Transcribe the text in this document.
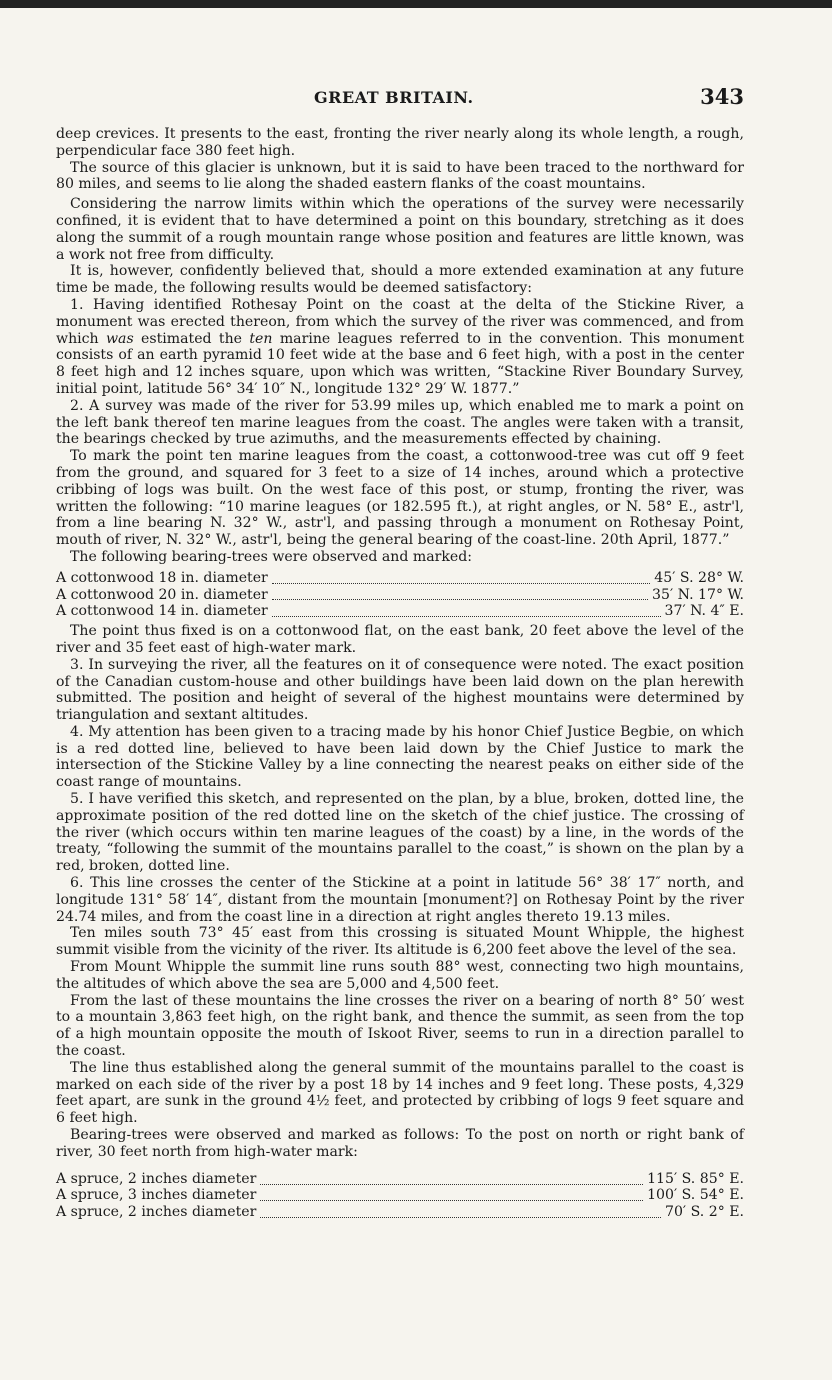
GREAT BRITAIN.	343

deep crevices. It presents to the east, fronting the river nearly along its whole length, a rough, perpendicular face 380 feet high.

The source of this glacier is unknown, but it is said to have been traced to the northward for 80 miles, and seems to lie along the shaded eastern flanks of the coast mountains.

Considering the narrow limits within which the operations of the survey were necessarily confined, it is evident that to have determined a point on this boundary, stretching as it does along the summit of a rough mountain range whose position and features are little known, was a work not free from difficulty.

It is, however, confidently believed that, should a more extended examination at any future time be made, the following results would be deemed satisfactory:

1. Having identified Rothesay Point on the coast at the delta of the Stickine River, a monument was erected thereon, from which the survey of the river was commenced, and from which was estimated the ten marine leagues referred to in the convention. This monument consists of an earth pyramid 10 feet wide at the base and 6 feet high, with a post in the center 8 feet high and 12 inches square, upon which was written, “Stackine River Boundary Survey, initial point, latitude 56° 34′ 10″ N., longitude 132° 29′ W. 1877.”

2. A survey was made of the river for 53.99 miles up, which enabled me to mark a point on the left bank thereof ten marine leagues from the coast. The angles were taken with a transit, the bearings checked by true azimuths, and the measurements effected by chaining.

To mark the point ten marine leagues from the coast, a cottonwood-tree was cut off 9 feet from the ground, and squared for 3 feet to a size of 14 inches, around which a protective cribbing of logs was built. On the west face of this post, or stump, fronting the river, was written the following: “10 marine leagues (or 182.595 ft.), at right angles, or N. 58° E., astr'l, from a line bearing N. 32° W., astr'l, and passing through a monument on Rothesay Point, mouth of river, N. 32° W., astr'l, being the general bearing of the coast-line. 20th April, 1877.”

The following bearing-trees were observed and marked:

A cottonwood 18 in. diameter	45′ S. 28° W.
A cottonwood 20 in. diameter	35′ N. 17° W.
A cottonwood 14 in. diameter	37′ N. 4″ E.

The point thus fixed is on a cottonwood flat, on the east bank, 20 feet above the level of the river and 35 feet east of high-water mark.

3. In surveying the river, all the features on it of consequence were noted. The exact position of the Canadian custom-house and other buildings have been laid down on the plan herewith submitted. The position and height of several of the highest mountains were determined by triangulation and sextant altitudes.

4. My attention has been given to a tracing made by his honor Chief Justice Begbie, on which is a red dotted line, believed to have been laid down by the Chief Justice to mark the intersection of the Stickine Valley by a line connecting the nearest peaks on either side of the coast range of mountains.

5. I have verified this sketch, and represented on the plan, by a blue, broken, dotted line, the approximate position of the red dotted line on the sketch of the chief justice. The crossing of the river (which occurs within ten marine leagues of the coast) by a line, in the words of the treaty, “following the summit of the mountains parallel to the coast,” is shown on the plan by a red, broken, dotted line.

6. This line crosses the center of the Stickine at a point in latitude 56° 38′ 17″ north, and longitude 131° 58′ 14″, distant from the mountain [monument?] on Rothesay Point by the river 24.74 miles, and from the coast line in a direction at right angles thereto 19.13 miles.

Ten miles south 73° 45′ east from this crossing is situated Mount Whipple, the highest summit visible from the vicinity of the river. Its altitude is 6,200 feet above the level of the sea.

From Mount Whipple the summit line runs south 88° west, connecting two high mountains, the altitudes of which above the sea are 5,000 and 4,500 feet.

From the last of these mountains the line crosses the river on a bearing of north 8° 50′ west to a mountain 3,863 feet high, on the right bank, and thence the summit, as seen from the top of a high mountain opposite the mouth of Iskoot River, seems to run in a direction parallel to the coast.

The line thus established along the general summit of the mountains parallel to the coast is marked on each side of the river by a post 18 by 14 inches and 9 feet long. These posts, 4,329 feet apart, are sunk in the ground 4½ feet, and protected by cribbing of logs 9 feet square and 6 feet high.

Bearing-trees were observed and marked as follows: To the post on north or right bank of river, 30 feet north from high-water mark:

A spruce, 2 inches diameter	115′ S. 85° E.
A spruce, 3 inches diameter	100′ S. 54° E.
A spruce, 2 inches diameter	70′ S. 2° E.
